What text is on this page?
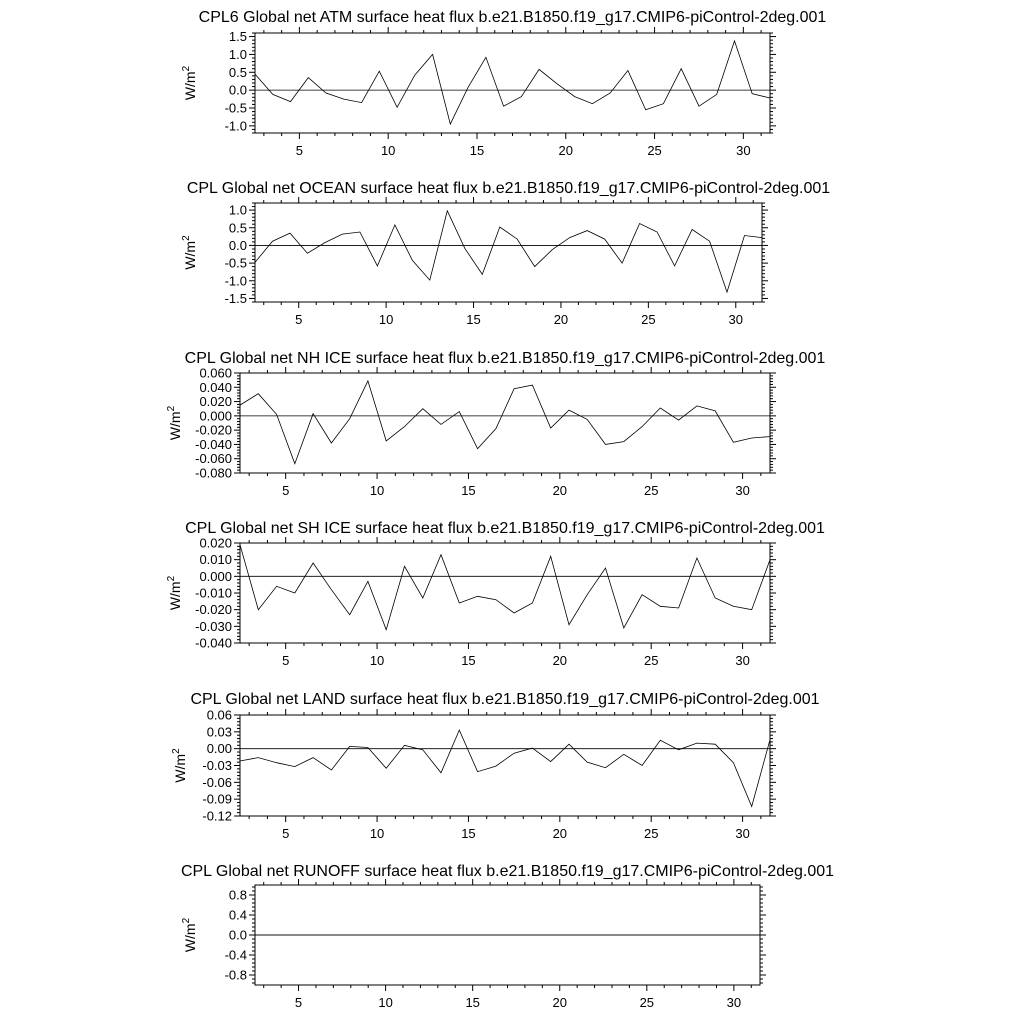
CPL6 Global net ATM surface heat flux b.e21.B1850.f19_g17.CMIP6-piControl-2deg.001
5	10	15	20	25	30
-1.0
-0.5
0.0
0.5
1.0
1.5
$W/m^2$
CPL Global net OCEAN surface heat flux b.e21.B1850.f19_g17.CMIP6-piControl-2deg.001
5	10	15	20	25	30
-1.5
-1.0
-0.5
0.0
0.5
1.0
$W/m^2$
CPL Global net NH ICE surface heat flux b.e21.B1850.f19_g17.CMIP6-piControl-2deg.001
5	10	15	20	25	30
-0.080
-0.060
-0.040
-0.020
0.000
0.020
0.040
0.060
$W/m^2$
CPL Global net SH ICE surface heat flux b.e21.B1850.f19_g17.CMIP6-piControl-2deg.001
5	10	15	20	25	30
-0.040
-0.030
-0.020
-0.010
0.000
0.010
0.020
$W/m^2$
CPL Global net LAND surface heat flux b.e21.B1850.f19_g17.CMIP6-piControl-2deg.001
5	10	15	20	25	30
-0.12
-0.09
-0.06
-0.03
0.00
0.03
0.06
$W/m^2$
CPL Global net RUNOFF surface heat flux b.e21.B1850.f19_g17.CMIP6-piControl-2deg.001
5	10	15	20	25	30
-0.8
-0.4
0.0
0.4
0.8
$W/m^2$
